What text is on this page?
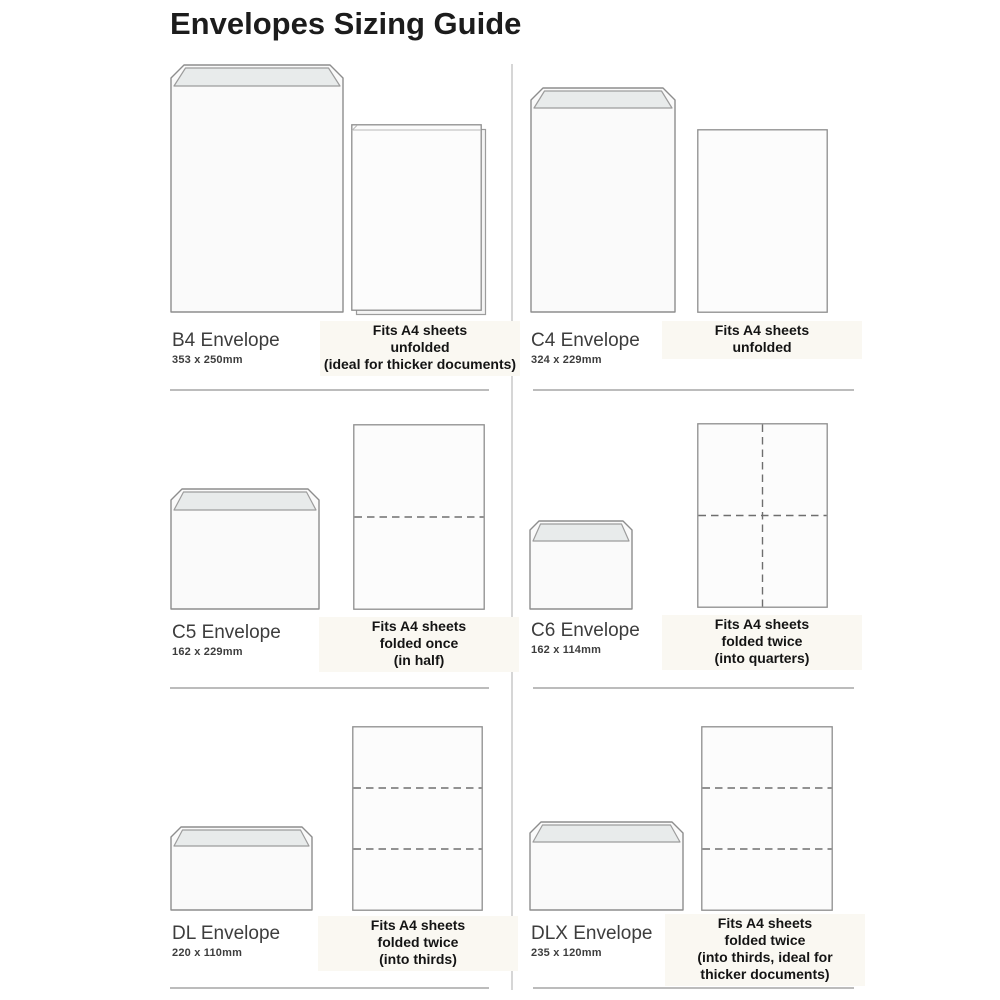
Envelopes Sizing Guide
B4 Envelope
353 x 250mm
Fits A4 sheets
unfolded
(ideal for thicker documents)
C4 Envelope
324 x 229mm
Fits A4 sheets
unfolded
C5 Envelope
162 x 229mm
Fits A4 sheets
folded once
(in half)
C6 Envelope
162 x 114mm
Fits A4 sheets
folded twice
(into quarters)
DL Envelope
220 x 110mm
Fits A4 sheets
folded twice
(into thirds)
DLX Envelope
235 x 120mm
Fits A4 sheets
folded twice
(into thirds, ideal for
thicker documents)
